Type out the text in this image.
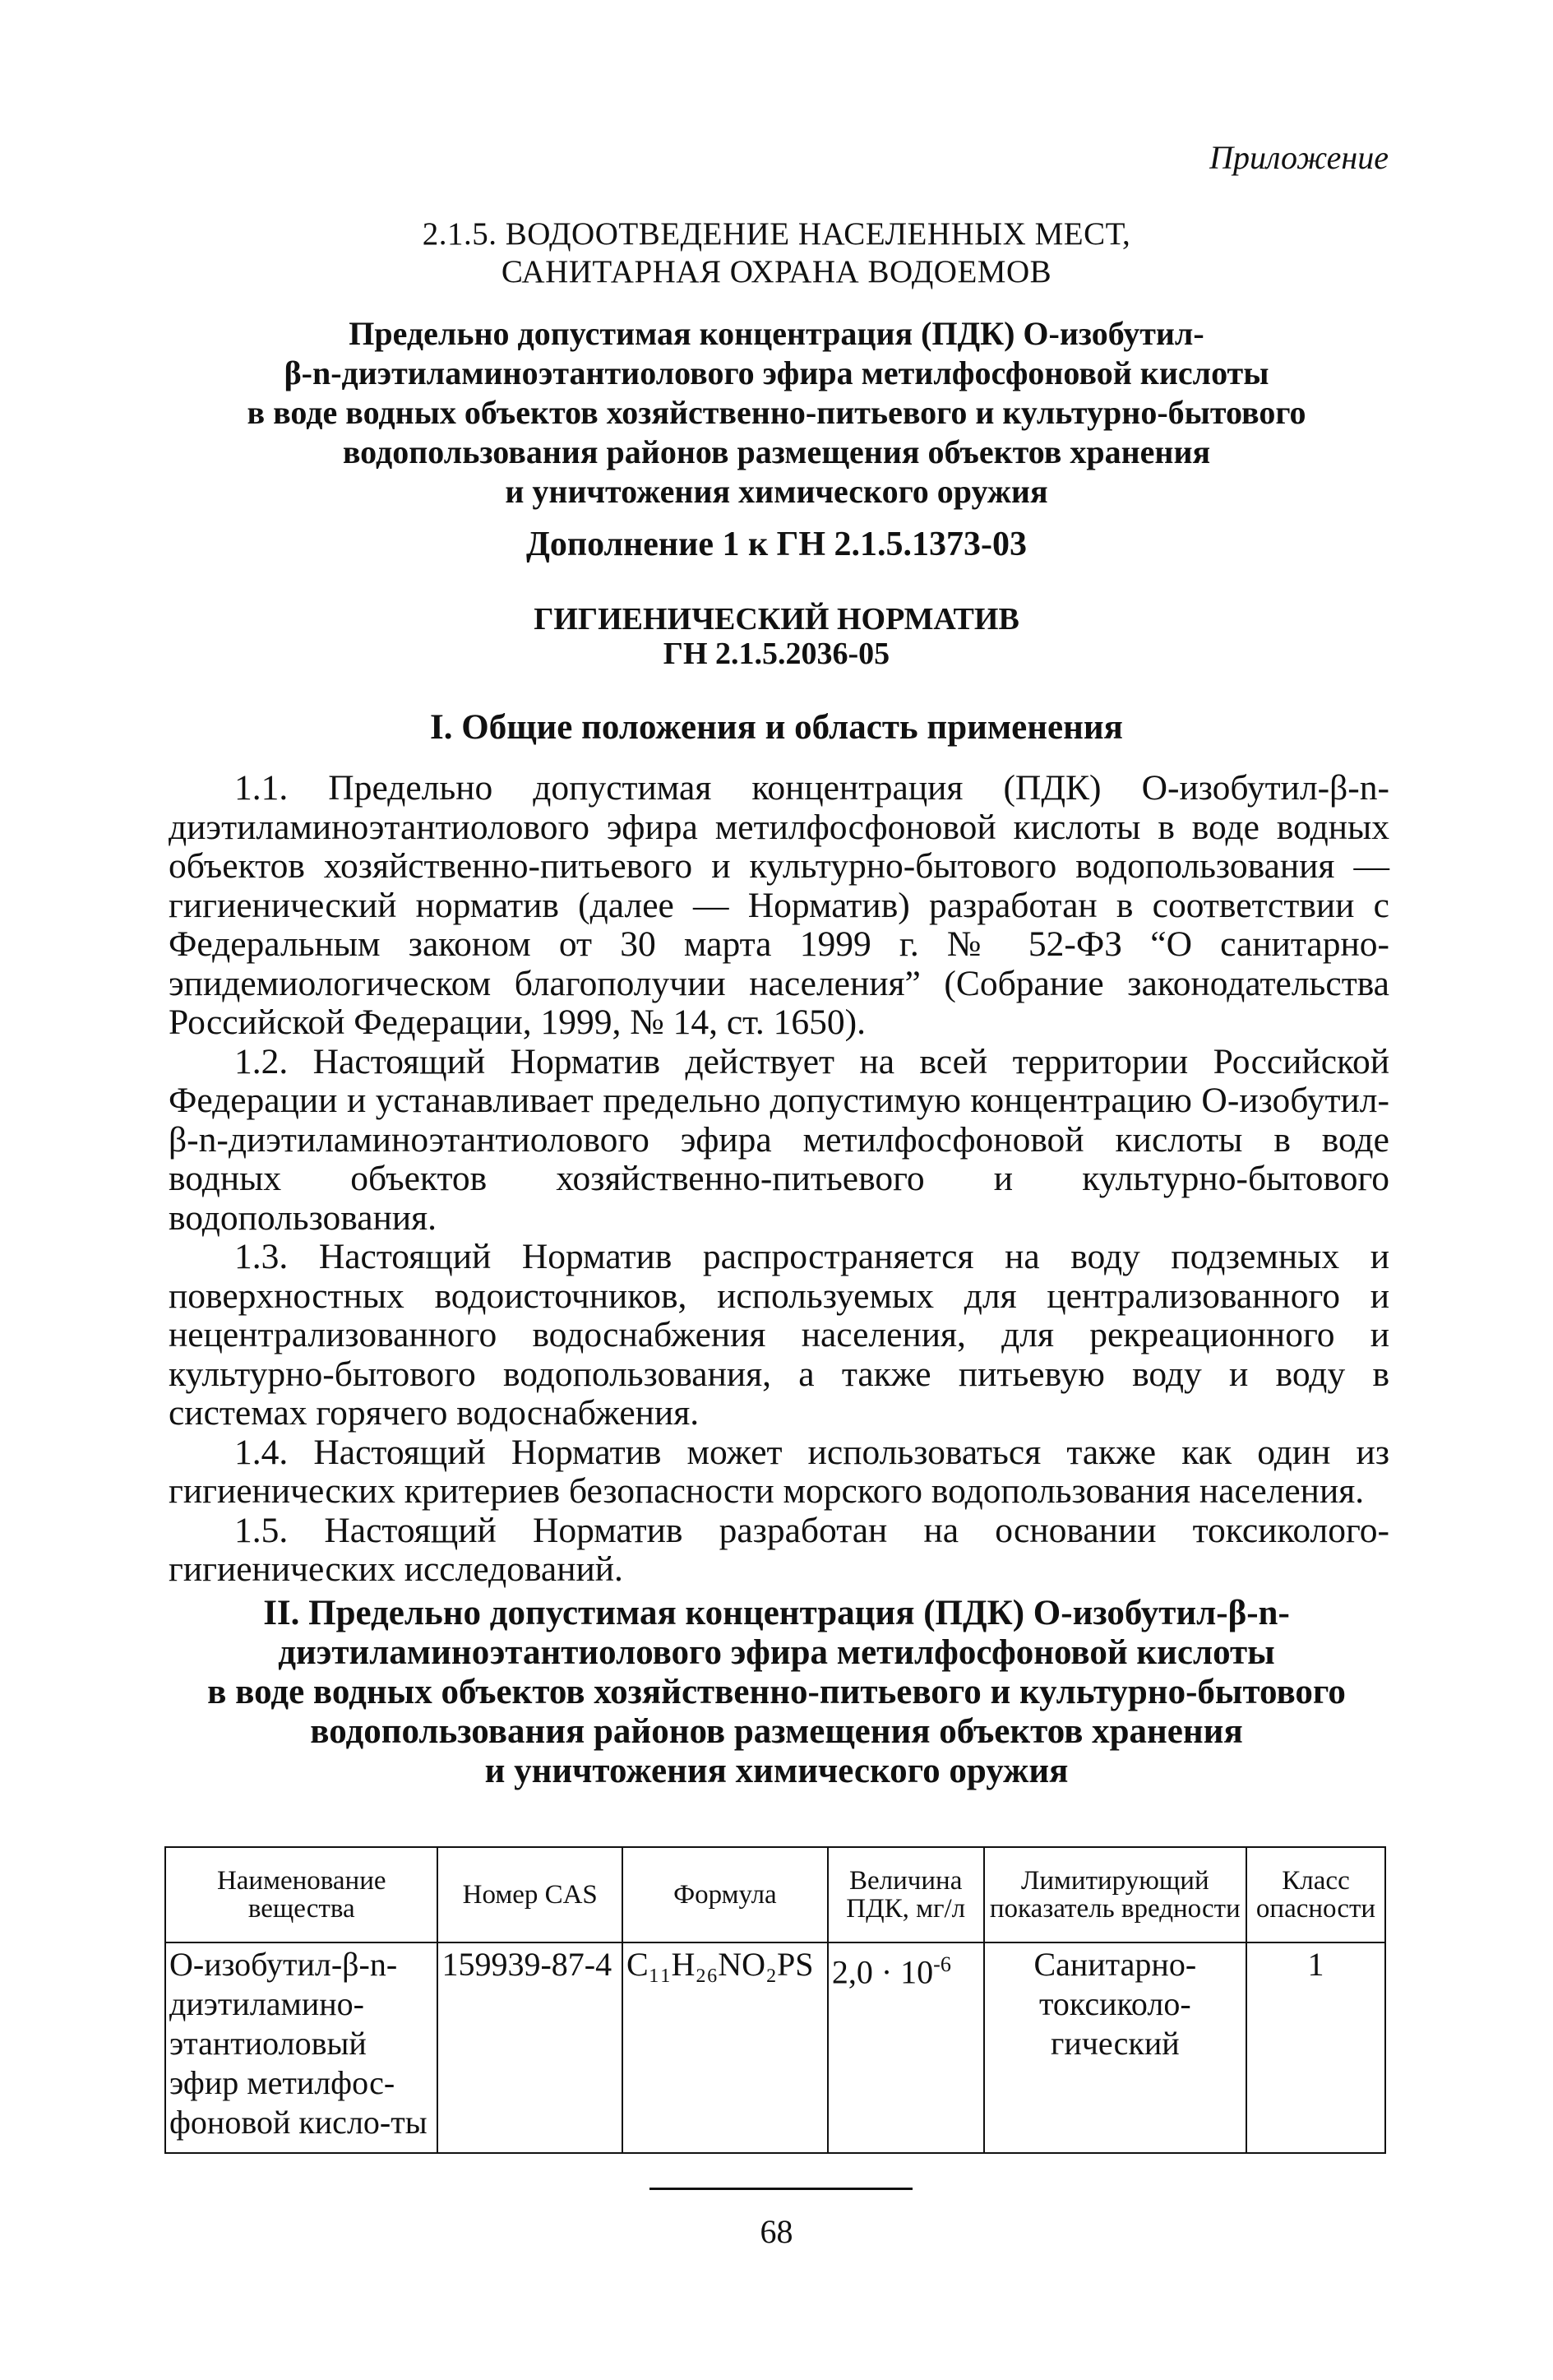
Приложение
2.1.5. ВОДООТВЕДЕНИЕ НАСЕЛЕННЫХ МЕСТ,
САНИТАРНАЯ ОХРАНА ВОДОЕМОВ
Предельно допустимая концентрация (ПДК) О-изобутил-
β-n-диэтиламиноэтантиолового эфира метилфосфоновой кислоты
в воде водных объектов хозяйственно-питьевого и культурно-бытового
водопользования районов размещения объектов хранения
и уничтожения химического оружия
Дополнение 1 к ГН 2.1.5.1373-03
ГИГИЕНИЧЕСКИЙ НОРМАТИВ
ГН 2.1.5.2036-05
I. Общие положения и область применения

1.1. Предельно допустимая концентрация (ПДК) О-изобутил-β-n-диэтиламиноэтантиолового эфира метилфосфоновой кислоты в воде водных объектов хозяйственно-питьевого и культурно-бытового водопользования — гигиенический норматив (далее — Норматив) разработан в соответствии с Федеральным законом от 30 марта 1999 г. № 52-ФЗ “О санитарно-эпидемиологическом благополучии населения” (Собрание законодательства Российской Федерации, 1999, № 14, ст. 1650).

1.2. Настоящий Норматив действует на всей территории Российской Федерации и устанавливает предельно допустимую концентрацию О-изобутил-β-n-диэтиламиноэтантиолового эфира метилфосфоновой кислоты в воде водных объектов хозяйственно-питьевого и культурно-бытового водопользования.

1.3. Настоящий Норматив распространяется на воду подземных и поверхностных водоисточников, используемых для централизованного и нецентрализованного водоснабжения населения, для рекреационного и культурно-бытового водопользования, а также питьевую воду и воду в системах горячего водоснабжения.

1.4. Настоящий Норматив может использоваться также как один из гигиенических критериев безопасности морского водопользования населения.

1.5. Настоящий Норматив разработан на основании токсиколого-гигиенических исследований.

II. Предельно допустимая концентрация (ПДК) О-изобутил-β-n-
диэтиламиноэтантиолового эфира метилфосфоновой кислоты
в воде водных объектов хозяйственно-питьевого и культурно-бытового
водопользования районов размещения объектов хранения
и уничтожения химического оружия
Наименование вещества	Номер CAS	Формула	Величина ПДК, мг/л	Лимитирующий показатель вредности	Класс опасности
О-изобутил-β-n-диэтиламино-этантиоловый эфир метилфос-фоновой кисло-ты	159939-87-4	C₁₁H₂₆NO₂PS	$2,0 \cdot 10^{-6}$	Санитарно-токсиколо-гический	1
68
